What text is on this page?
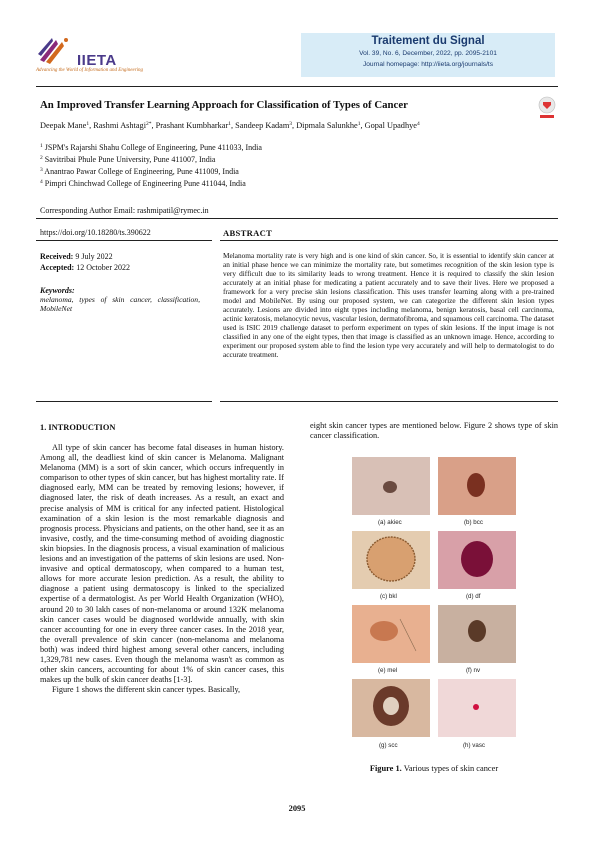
IIETA
Advancing the World of Information and Engineering
Traitement du Signal
Vol. 39, No. 6, December, 2022, pp. 2095-2101
Journal homepage: http://iieta.org/journals/ts
An Improved Transfer Learning Approach for Classification of Types of Cancer
Deepak Mane$^1$, Rashmi Ashtagi$^{2*}$, Prashant Kumbharkar$^1$, Sandeep Kadam$^3$, Dipmala Salunkhe$^1$, Gopal Upadhye$^4$
$^1$ JSPM's Rajarshi Shahu College of Engineering, Pune 411033, India
$^2$ Savitribai Phule Pune University, Pune 411007, India
$^3$ Anantrao Pawar College of Engineering, Pune 411009, India
$^4$ Pimpri Chinchwad College of Engineering Pune 411044, India
Corresponding Author Email: rashmipatil@rymec.in
https://doi.org/10.18280/ts.390622	ABSTRACT
Received: 9 July 2022
Accepted: 12 October 2022
Keywords:
melanoma, types of skin cancer, classification, MobileNet
Melanoma mortality rate is very high and is one kind of skin cancer. So, it is essential to identify skin cancer at an initial phase hence we can minimize the mortality rate, but sometimes recognition of the skin lesion type is very difficult due to its similarity leads to wrong treatment. Hence it is required to classify the skin lesion accurately at an initial phase for medicating a patient accurately and to save their lives. Here we proposed a framework for a very precise skin lesions classification. This uses transfer learning along with a pre-trained model and MobileNet. By using our proposed system, we can categorize the different skin lesion types accurately. Lesions are divided into eight types including melanoma, benign keratosis, basal cell carcinoma, actinic keratosis, melanocytic nevus, vascular lesion, dermatofibroma, and squamous cell carcinoma. The dataset used is ISIC 2019 challenge dataset to perform experiment on types of skin lesions. If the input image is not classified in any one of the eight types, then that image is classified as an unknown image. Hence, according to experiment our proposed system able to find the lesion type very accurately and will help to dermatologist to do accurate treatment.
1. INTRODUCTION

All type of skin cancer has become fatal diseases in human history. Among all, the deadliest kind of skin cancer is Melanoma. Malignant Melanoma (MM) is a sort of skin cancer, which occurs infrequently in comparison to other types of skin cancer, but has highest mortality rate. If diagnosed early, MM can be treated by removing lesions; however, if diagnosed later, the risk of death increases. As a result, an exact and precise analysis of MM is critical for any infected patient. Histological examination of a skin lesion is the most remarkable diagnosis and prognosis process. Physicians and patients, on the other hand, see it as an invasive, costly, and the time-consuming method of avoiding diagnostic skin biopsies. In the diagnosis process, a visual examination of malicious lesions and an investigation of the patterns of skin lesions are used. Non-invasive and optical dermatoscopy, when compared to a human test, allows for more accurate lesion prediction. As a result, the ability to diagnose a patient using dermatoscopy is linked to the specialized expertise of a dermatologist. As per World Health Organization (WHO), around 20 to 30 lakh cases of non-melanoma or around 132K melanoma skin cancer cases would be diagnosed worldwide annually, with skin cancer accounting for one in every three cancer cases. In the 2018 year, the overall prevalence of skin cancer (non-melanoma and melanoma both) was indeed third highest among several other cancers, including 1,329,781 new cases. Even though the melanoma wasn't as common as other skin cancers, accounting for about 1% of skin cancer cases, this makes up the bulk of skin cancer deaths [1-3].

Figure 1 shows the different skin cancer types. Basically,

eight skin cancer types are mentioned below. Figure 2 shows type of skin cancer classification.
(a) akiec	(b) bcc
(c) bkl	(d) df
(e) mel	(f) nv
(g) scc	(h) vasc
Figure 1. Various types of skin cancer
2095
